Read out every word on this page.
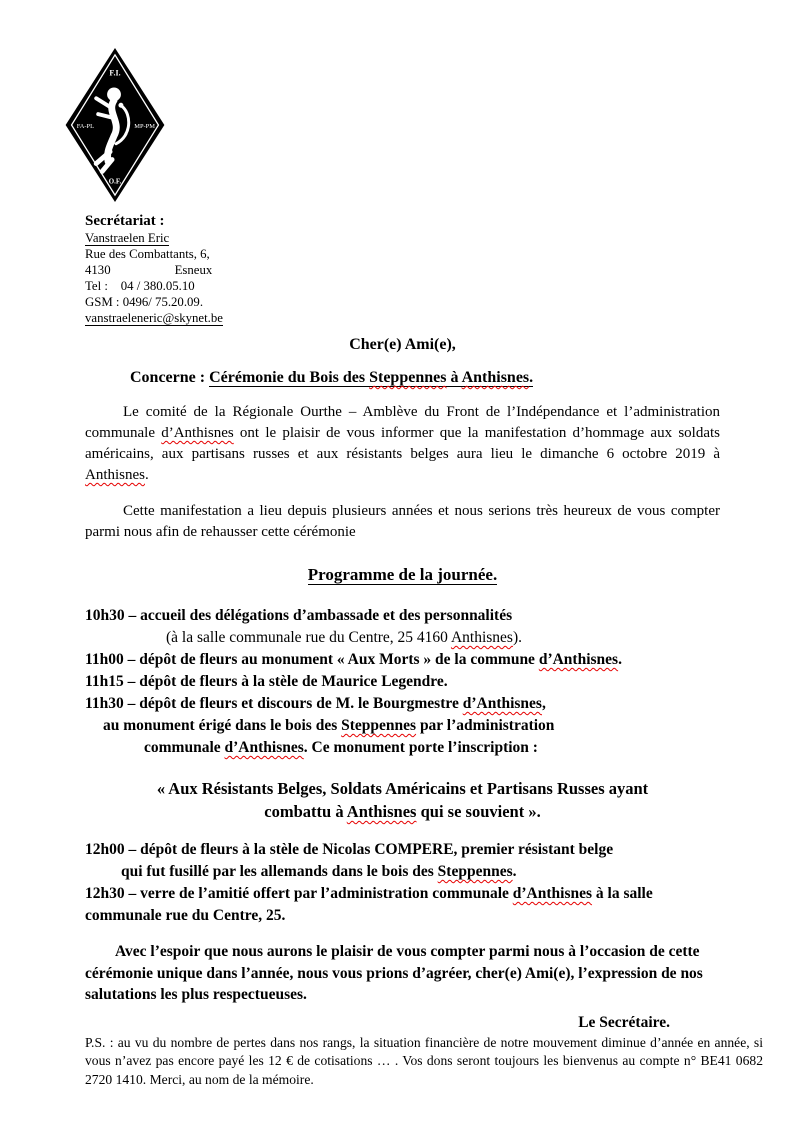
F.I.
FA-PL	MP-PM
O.F.
Secrétariat :
Vanstraelen Eric
Rue des Combattants, 6,
4130                    Esneux
Tel :    04 / 380.05.10
GSM : 0496/ 75.20.09.
vanstraeleneric@skynet.be
Cher(e) Ami(e),
Concerne : Cérémonie du Bois des Steppennes à Anthisnes.
Le comité de la Régionale Ourthe – Amblève du Front de l’Indépendance et l’administration communale d’Anthisnes ont le plaisir de vous informer que la manifestation d’hommage aux soldats américains, aux partisans russes et aux résistants belges aura lieu le dimanche 6 octobre 2019 à Anthisnes.
Cette manifestation a lieu depuis plusieurs années et nous serions très heureux de vous compter parmi nous afin de rehausser cette cérémonie
Programme de la journée.
10h30 – accueil des délégations d’ambassade et des personnalités
(à la salle communale rue du Centre, 25 4160 Anthisnes).
11h00 – dépôt de fleurs au monument « Aux Morts » de la commune d’Anthisnes.
11h15 – dépôt de fleurs à la stèle de Maurice Legendre.
11h30 – dépôt de fleurs et discours de M. le Bourgmestre d’Anthisnes,
au monument érigé dans le bois des Steppennes par l’administration
communale d’Anthisnes. Ce monument porte l’inscription :
« Aux Résistants Belges, Soldats Américains et Partisans Russes ayant
combattu à Anthisnes qui se souvient ».
12h00 – dépôt de fleurs à la stèle de Nicolas COMPERE, premier résistant belge
qui fut fusillé par les allemands dans le bois des Steppennes.
12h30 – verre de l’amitié offert par l’administration communale d’Anthisnes à la salle communale rue du Centre, 25.
Avec l’espoir que nous aurons le plaisir de vous compter parmi nous à l’occasion de cette cérémonie unique dans l’année, nous vous prions d’agréer, cher(e) Ami(e), l’expression de nos salutations les plus respectueuses.
Le Secrétaire.
P.S. : au vu du nombre de pertes dans nos rangs, la situation financière de notre mouvement diminue d’année en année, si vous n’avez pas encore payé les 12 € de cotisations … . Vos dons seront toujours les bienvenus au compte n° BE41 0682 2720 1410. Merci, au nom de la mémoire.
